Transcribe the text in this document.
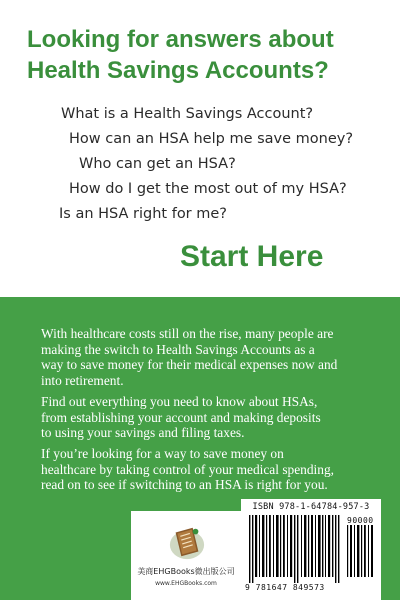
Looking for answers about
Health Savings Accounts?
What is a Health Savings Account?
How can an HSA help me save money?
Who can get an HSA?
How do I get the most out of my HSA?
Is an HSA right for me?
Start Here
With healthcare costs still on the rise, many people are
making the switch to Health Savings Accounts as a
way to save money for their medical expenses now and
into retirement.
Find out everything you need to know about HSAs,
from establishing your account and making deposits
to using your savings and filing taxes.
If you’re looking for a way to save money on
healthcare by taking control of your medical spending,
read on to see if switching to an HSA is right for you.
美商EHGBooks微出版公司
www.EHGBooks.com
ISBN 978-1-64784-957-3
9 781647 849573
90000
